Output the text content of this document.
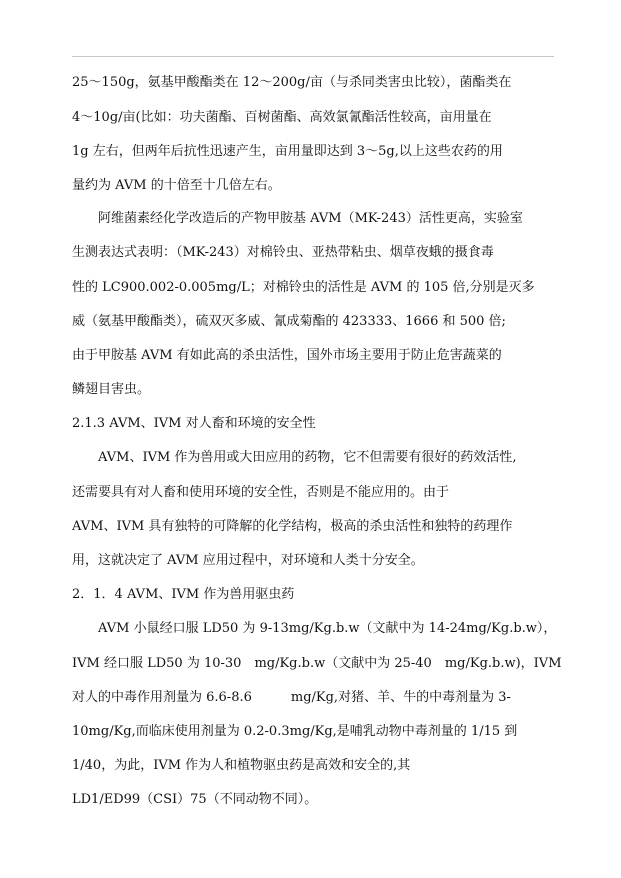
25～150g，氨基甲酸酯类在 12～200g/亩（与杀同类害虫比较），菌酯类在
4～10g/亩(比如：功夫菌酯、百树菌酯、高效氯氰酯活性较高，亩用量在
1g 左右，但两年后抗性迅速产生，亩用量即达到 3～5g,以上这些农药的用
量约为 AVM 的十倍至十几倍左右。
阿维菌素经化学改造后的产物甲胺基 AVM（MK-243）活性更高，实验室
生测表达式表明：（MK-243）对棉铃虫、亚热带粘虫、烟草夜蛾的摄食毒
性的 LC900.002-0.005mg/L；对棉铃虫的活性是 AVM 的 105 倍,分别是灭多
威（氨基甲酸酯类），硫双灭多威、氰成菊酯的 423333、1666 和 500 倍;
由于甲胺基 AVM 有如此高的杀虫活性，国外市场主要用于防止危害蔬菜的
鳞翅目害虫。
2.1.3 AVM、IVM 对人畜和环境的安全性
AVM、IVM 作为兽用或大田应用的药物，它不但需要有很好的药效活性,
还需要具有对人畜和使用环境的安全性，否则是不能应用的。由于
AVM、IVM 具有独特的可降解的化学结构，极高的杀虫活性和独特的药理作
用，这就决定了 AVM 应用过程中，对环境和人类十分安全。
2．1．4 AVM、IVM 作为兽用驱虫药
AVM 小鼠经口服 LD50 为 9-13mg/Kg.b.w（文献中为 14-24mg/Kg.b.w），
IVM 经口服 LD50 为 10-30　mg/Kg.b.w（文献中为 25-40　mg/Kg.b.w)，IVM
对人的中毒作用剂量为 6.6-8.6　　　mg/Kg,对猪、羊、牛的中毒剂量为 3-
10mg/Kg,而临床使用剂量为 0.2-0.3mg/Kg,是哺乳动物中毒剂量的 1/15 到
1/40，为此，IVM 作为人和植物驱虫药是高效和安全的,其
LD1/ED99（CSI）75（不同动物不同）。
